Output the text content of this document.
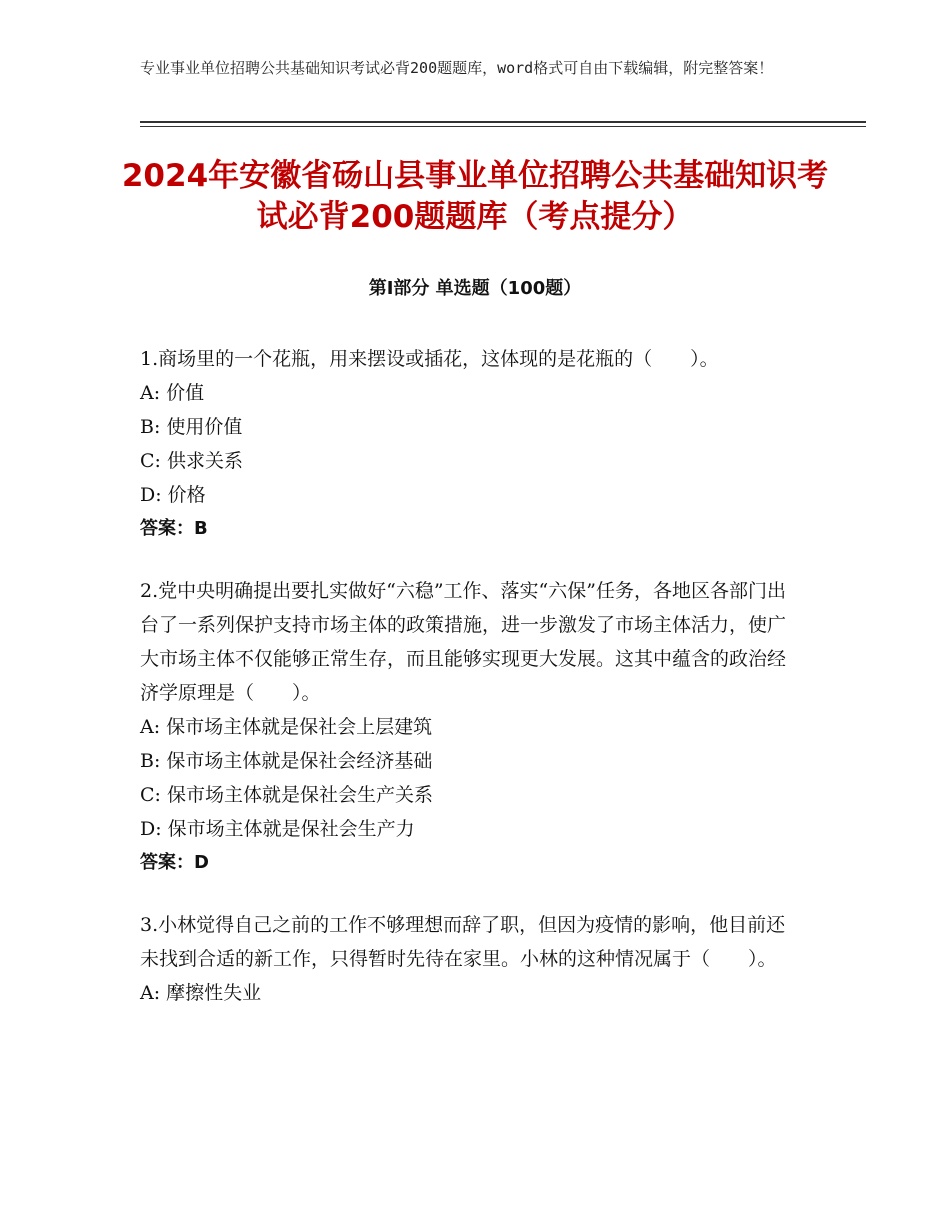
专业事业单位招聘公共基础知识考试必背200题题库，word格式可自由下载编辑，附完整答案！
2024年安徽省砀山县事业单位招聘公共基础知识考试必背200题题库（考点提分）
第Ⅰ部分 单选题（100题）

1.商场里的一个花瓶，用来摆设或插花，这体现的是花瓶的（　　）。

A: 价值

B: 使用价值

C: 供求关系

D: 价格

答案：B

2.党中央明确提出要扎实做好“六稳”工作、落实“六保”任务，各地区各部门出台了一系列保护支持市场主体的政策措施，进一步激发了市场主体活力，使广大市场主体不仅能够正常生存，而且能够实现更大发展。这其中蕴含的政治经济学原理是（　　）。

A: 保市场主体就是保社会上层建筑

B: 保市场主体就是保社会经济基础

C: 保市场主体就是保社会生产关系

D: 保市场主体就是保社会生产力

答案：D

3.小林觉得自己之前的工作不够理想而辞了职，但因为疫情的影响，他目前还未找到合适的新工作，只得暂时先待在家里。小林的这种情况属于（　　）。

A: 摩擦性失业
